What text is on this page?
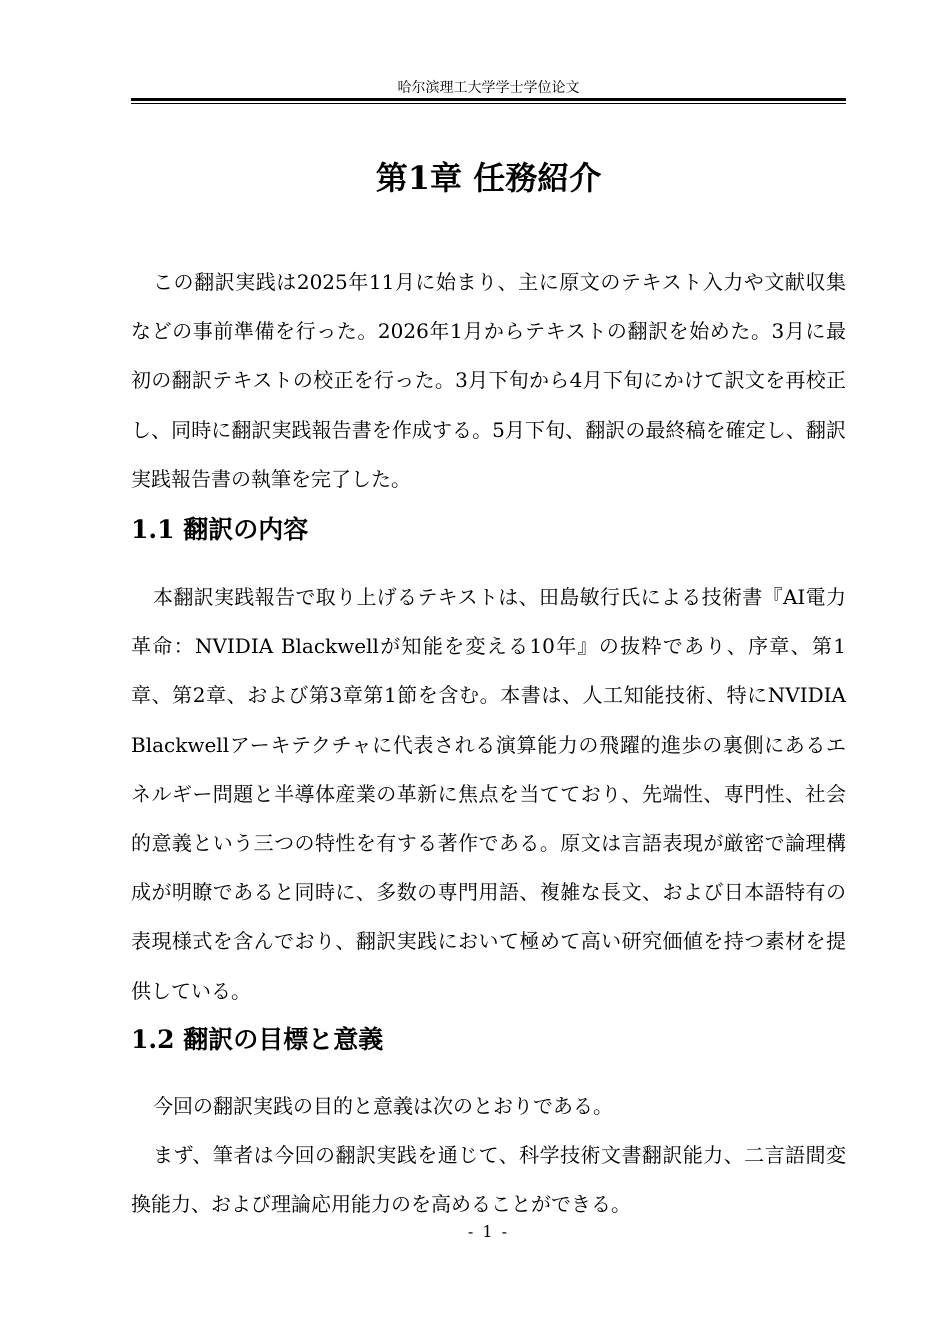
哈尔滨理工大学学士学位论文
第1章 任務紹介

この翻訳実践は2025年11月に始まり、主に原文のテキスト入力や文献収集などの事前準備を行った。2026年1月からテキストの翻訳を始めた。3月に最初の翻訳テキストの校正を行った。3月下旬から4月下旬にかけて訳文を再校正し、同時に翻訳実践報告書を作成する。5月下旬、翻訳の最終稿を確定し、翻訳実践報告書の執筆を完了した。

1.1 翻訳の内容

本翻訳実践報告で取り上げるテキストは、田島敏行氏による技術書『AI電力革命：NVIDIA Blackwellが知能を変える10年』の抜粋であり、序章、第1章、第2章、および第3章第1節を含む。本書は、人工知能技術、特にNVIDIA Blackwellアーキテクチャに代表される演算能力の飛躍的進歩の裏側にあるエネルギー問題と半導体産業の革新に焦点を当てており、先端性、専門性、社会的意義という三つの特性を有する著作である。原文は言語表現が厳密で論理構成が明瞭であると同時に、多数の専門用語、複雑な長文、および日本語特有の表現様式を含んでおり、翻訳実践において極めて高い研究価値を持つ素材を提供している。

1.2 翻訳の目標と意義

今回の翻訳実践の目的と意義は次のとおりである。

まず、筆者は今回の翻訳実践を通じて、科学技術文書翻訳能力、二言語間変換能力、および理論応用能力のを高めることができる。

- 1 -
